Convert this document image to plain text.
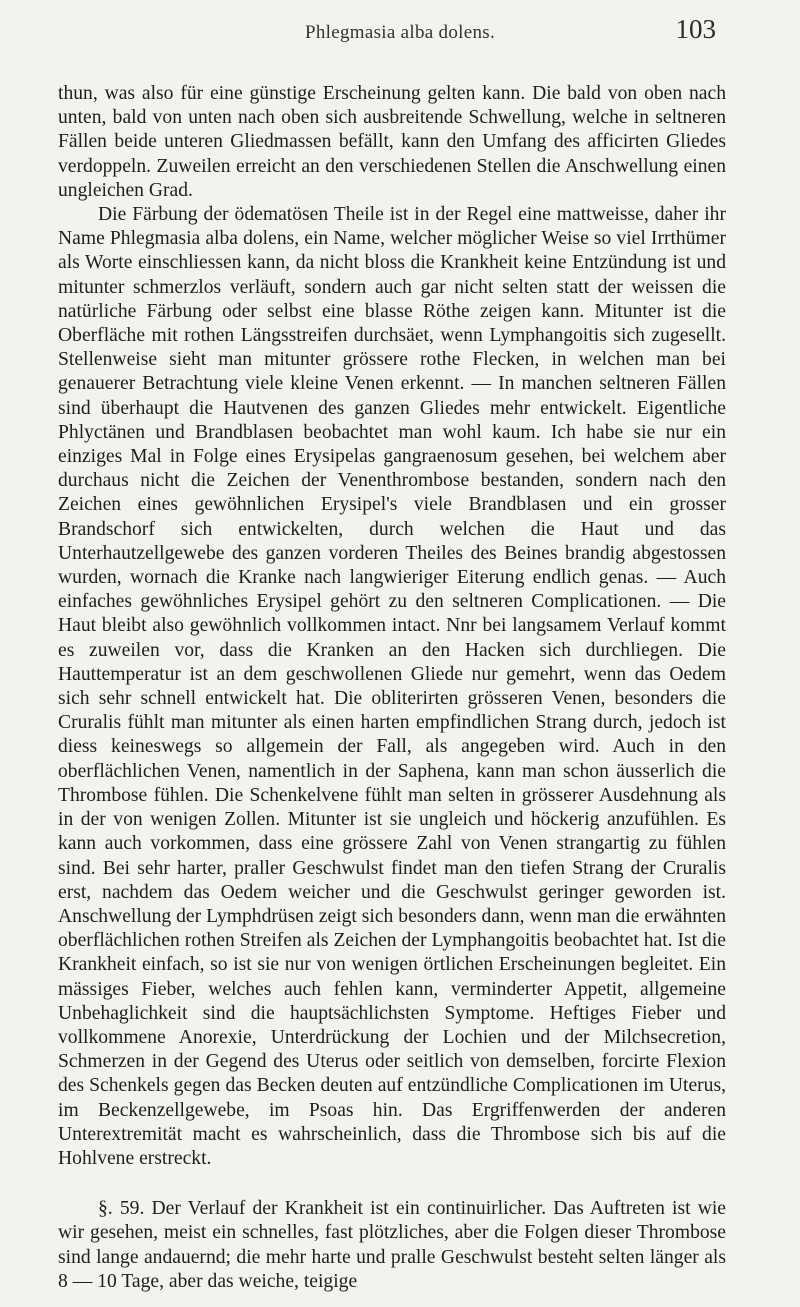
Phlegmasia alba dolens.	103

thun, was also für eine günstige Erscheinung gelten kann. Die bald von oben nach unten, bald von unten nach oben sich ausbreitende Schwellung, welche in seltneren Fällen beide unteren Gliedmassen befällt, kann den Umfang des afficirten Gliedes verdoppeln. Zuweilen erreicht an den verschiedenen Stellen die Anschwellung einen ungleichen Grad.

Die Färbung der ödematösen Theile ist in der Regel eine mattweisse, daher ihr Name Phlegmasia alba dolens, ein Name, welcher möglicher Weise so viel Irrthümer als Worte einschliessen kann, da nicht bloss die Krankheit keine Entzündung ist und mitunter schmerzlos verläuft, sondern auch gar nicht selten statt der weissen die natürliche Färbung oder selbst eine blasse Röthe zeigen kann. Mitunter ist die Oberfläche mit rothen Längsstreifen durchsäet, wenn Lymphangoitis sich zugesellt. Stellenweise sieht man mitunter grössere rothe Flecken, in welchen man bei genauerer Betrachtung viele kleine Venen erkennt. — In manchen seltneren Fällen sind überhaupt die Hautvenen des ganzen Gliedes mehr entwickelt. Eigentliche Phlyctänen und Brandblasen beobachtet man wohl kaum. Ich habe sie nur ein einziges Mal in Folge eines Erysipelas gangraenosum gesehen, bei welchem aber durchaus nicht die Zeichen der Venenthrombose bestanden, sondern nach den Zeichen eines gewöhnlichen Erysipel's viele Brandblasen und ein grosser Brandschorf sich entwickelten, durch welchen die Haut und das Unterhautzellgewebe des ganzen vorderen Theiles des Beines brandig abgestossen wurden, wornach die Kranke nach langwieriger Eiterung endlich genas. — Auch einfaches gewöhnliches Erysipel gehört zu den seltneren Complicationen. — Die Haut bleibt also gewöhnlich vollkommen intact. Nnr bei langsamem Verlauf kommt es zuweilen vor, dass die Kranken an den Hacken sich durchliegen. Die Hauttemperatur ist an dem geschwollenen Gliede nur gemehrt, wenn das Oedem sich sehr schnell entwickelt hat. Die obliterirten grösseren Venen, besonders die Cruralis fühlt man mitunter als einen harten empfindlichen Strang durch, jedoch ist diess keineswegs so allgemein der Fall, als angegeben wird. Auch in den oberflächlichen Venen, namentlich in der Saphena, kann man schon äusserlich die Thrombose fühlen. Die Schenkelvene fühlt man selten in grösserer Ausdehnung als in der von wenigen Zollen. Mitunter ist sie ungleich und höckerig anzufühlen. Es kann auch vorkommen, dass eine grössere Zahl von Venen strangartig zu fühlen sind. Bei sehr harter, praller Geschwulst findet man den tiefen Strang der Cruralis erst, nachdem das Oedem weicher und die Geschwulst geringer geworden ist. Anschwellung der Lymphdrüsen zeigt sich besonders dann, wenn man die erwähnten oberflächlichen rothen Streifen als Zeichen der Lymphangoitis beobachtet hat. Ist die Krankheit einfach, so ist sie nur von wenigen örtlichen Erscheinungen begleitet. Ein mässiges Fieber, welches auch fehlen kann, verminderter Appetit, allgemeine Unbehaglichkeit sind die hauptsächlichsten Symptome. Heftiges Fieber und vollkommene Anorexie, Unterdrückung der Lochien und der Milchsecretion, Schmerzen in der Gegend des Uterus oder seitlich von demselben, forcirte Flexion des Schenkels gegen das Becken deuten auf entzündliche Complicationen im Uterus, im Beckenzellgewebe, im Psoas hin. Das Ergriffenwerden der anderen Unterextremität macht es wahrscheinlich, dass die Thrombose sich bis auf die Hohlvene erstreckt.

§. 59. Der Verlauf der Krankheit ist ein continuirlicher. Das Auftreten ist wie wir gesehen, meist ein schnelles, fast plötzliches, aber die Folgen dieser Thrombose sind lange andauernd; die mehr harte und pralle Geschwulst besteht selten länger als 8 — 10 Tage, aber das weiche, teigige
